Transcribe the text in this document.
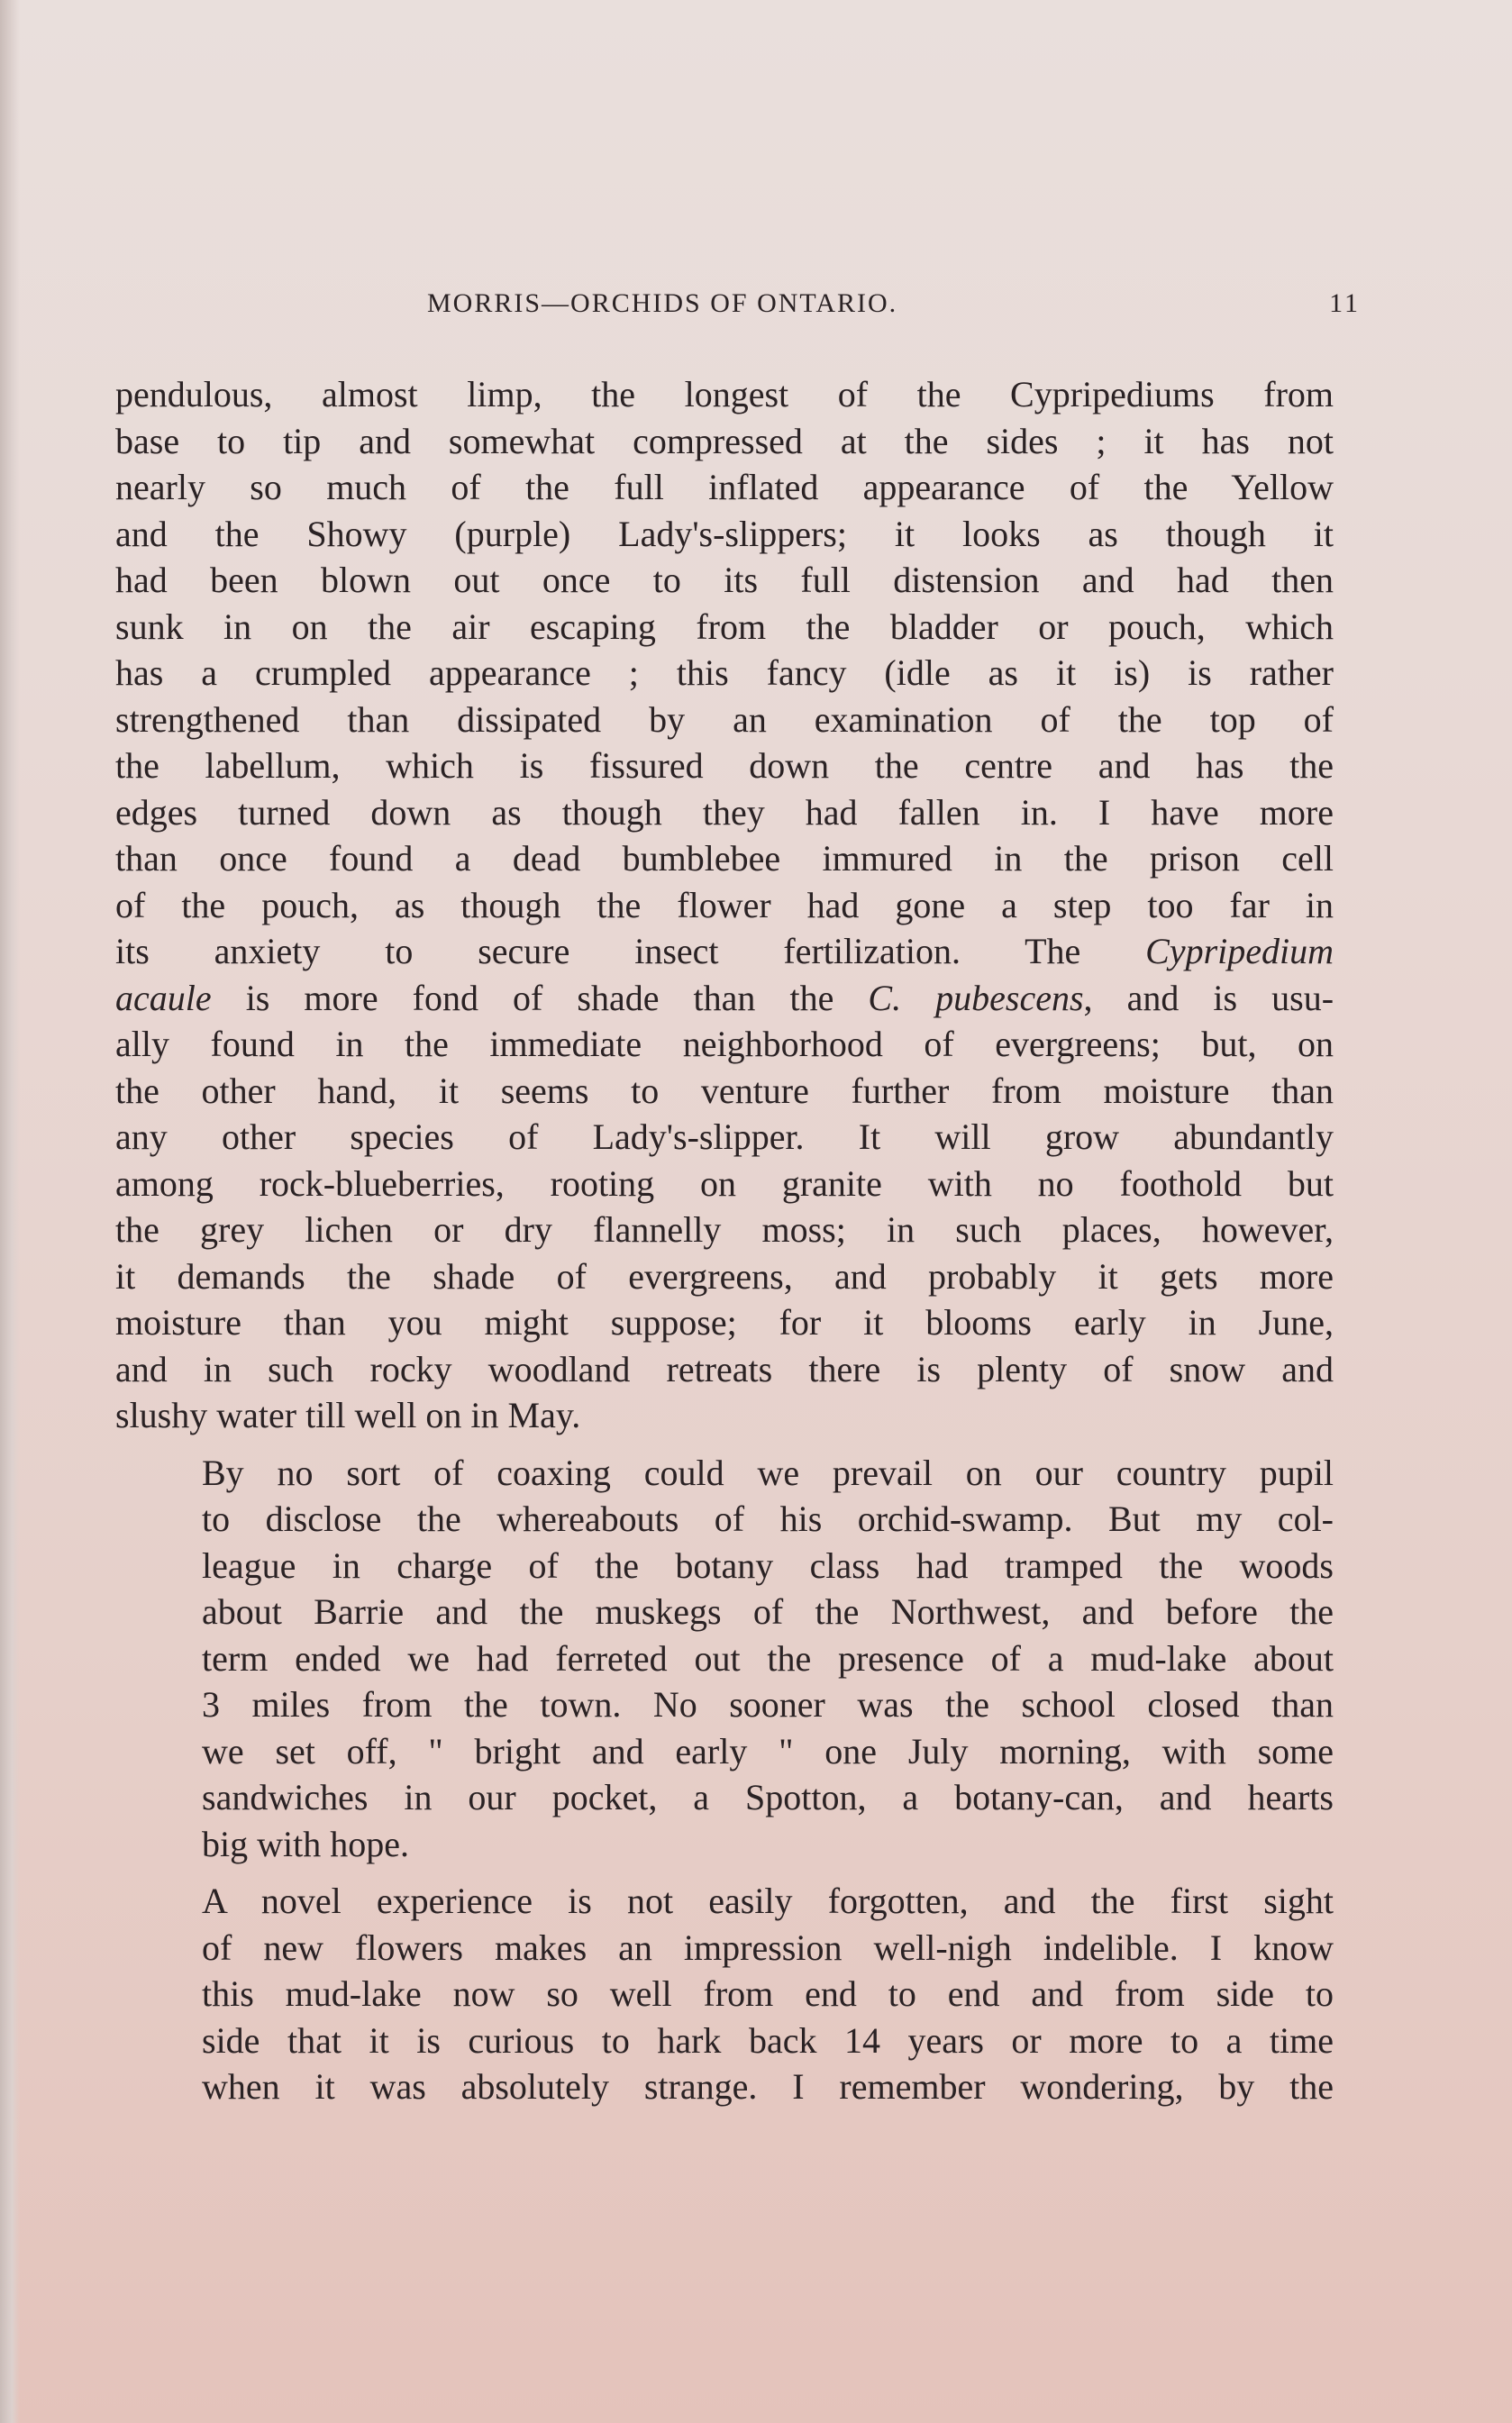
MORRIS—ORCHIDS OF ONTARIO.	11

pendulous, almost limp, the longest of the Cypripediums from
base to tip and somewhat compressed at the sides ; it has not
nearly so much of the full inflated appearance of the Yellow
and the Showy (purple) Lady's-slippers; it looks as though it
had been blown out once to its full distension and had then
sunk in on the air escaping from the bladder or pouch, which
has a crumpled appearance ; this fancy (idle as it is) is rather
strengthened than dissipated by an examination of the top of
the labellum, which is fissured down the centre and has the
edges turned down as though they had fallen in. I have more
than once found a dead bumblebee immured in the prison cell
of the pouch, as though the flower had gone a step too far in
its anxiety to secure insect fertilization. The Cypripedium
acaule is more fond of shade than the C. pubescens, and is usu-
ally found in the immediate neighborhood of evergreens; but, on
the other hand, it seems to venture further from moisture than
any other species of Lady's-slipper. It will grow abundantly
among rock-blueberries, rooting on granite with no foothold but
the grey lichen or dry flannelly moss; in such places, however,
it demands the shade of evergreens, and probably it gets more
moisture than you might suppose; for it blooms early in June,
and in such rocky woodland retreats there is plenty of snow and
slushy water till well on in May.

By no sort of coaxing could we prevail on our country pupil
to disclose the whereabouts of his orchid-swamp. But my col-
league in charge of the botany class had tramped the woods
about Barrie and the muskegs of the Northwest, and before the
term ended we had ferreted out the presence of a mud-lake about
3 miles from the town. No sooner was the school closed than
we set off, " bright and early " one July morning, with some
sandwiches in our pocket, a Spotton, a botany-can, and hearts
big with hope.

A novel experience is not easily forgotten, and the first sight
of new flowers makes an impression well-nigh indelible. I know
this mud-lake now so well from end to end and from side to
side that it is curious to hark back 14 years or more to a time
when it was absolutely strange. I remember wondering, by the
